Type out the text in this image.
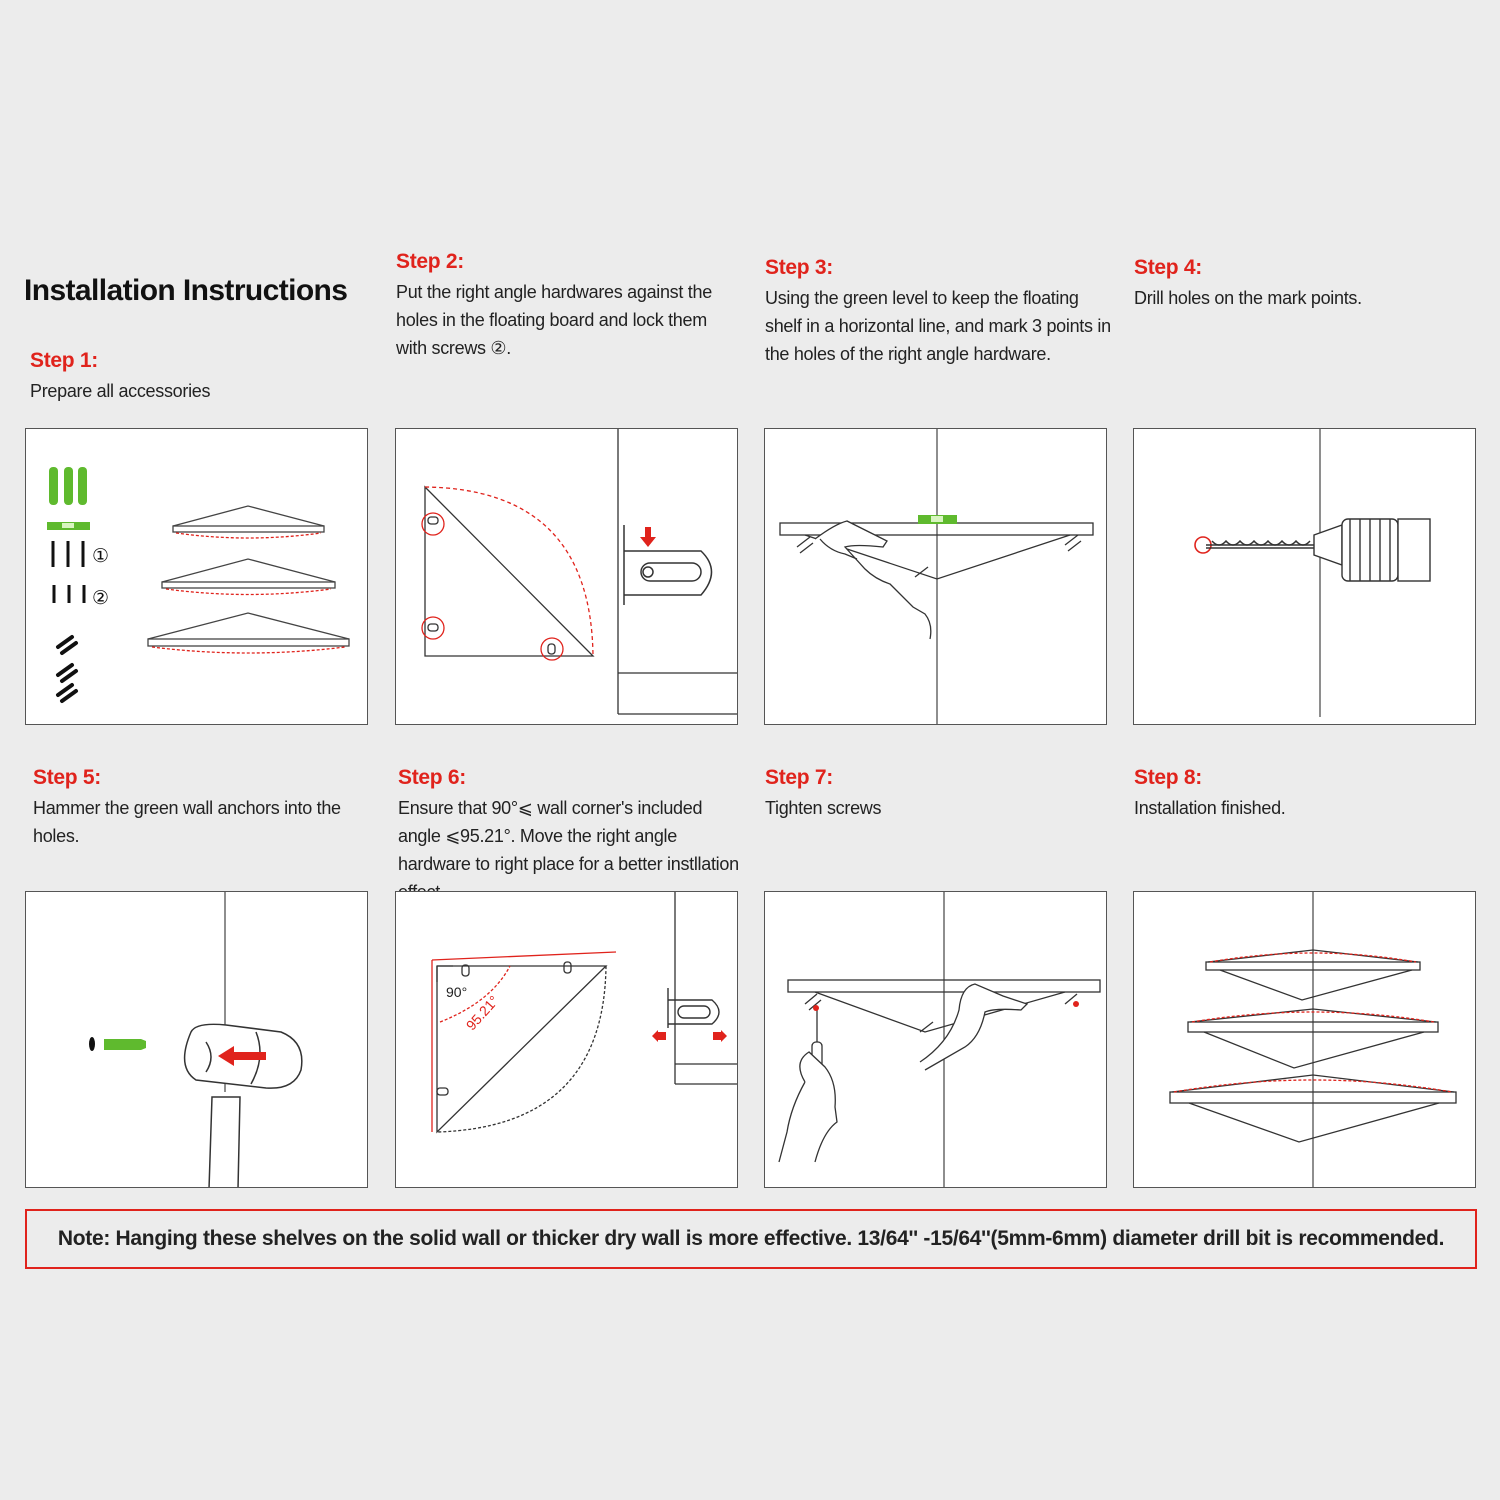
Installation Instructions
Step 1:
Prepare all accessories
Step 2:
Put the right angle hardwares against the holes in the floating board and lock them with screws ②.
Step 3:
Using the green level to keep the floating shelf in a horizontal line, and mark 3 points in the holes of the right angle hardware.
Step 4:
Drill holes on the mark points.
Step 5:
Hammer the green wall anchors into the holes.
Step 6:
Ensure that 90°⩽ wall corner's included angle ⩽95.21°. Move the right angle hardware to right place for a better instllation
Step 7:
Tighten screws
Step 8:
Installation finished.
①
②
90°
95.21°
Note: Hanging these shelves on the solid wall or thicker dry wall is more effective. 13/64'' -15/64''(5mm-6mm) diameter drill bit is recommended.
